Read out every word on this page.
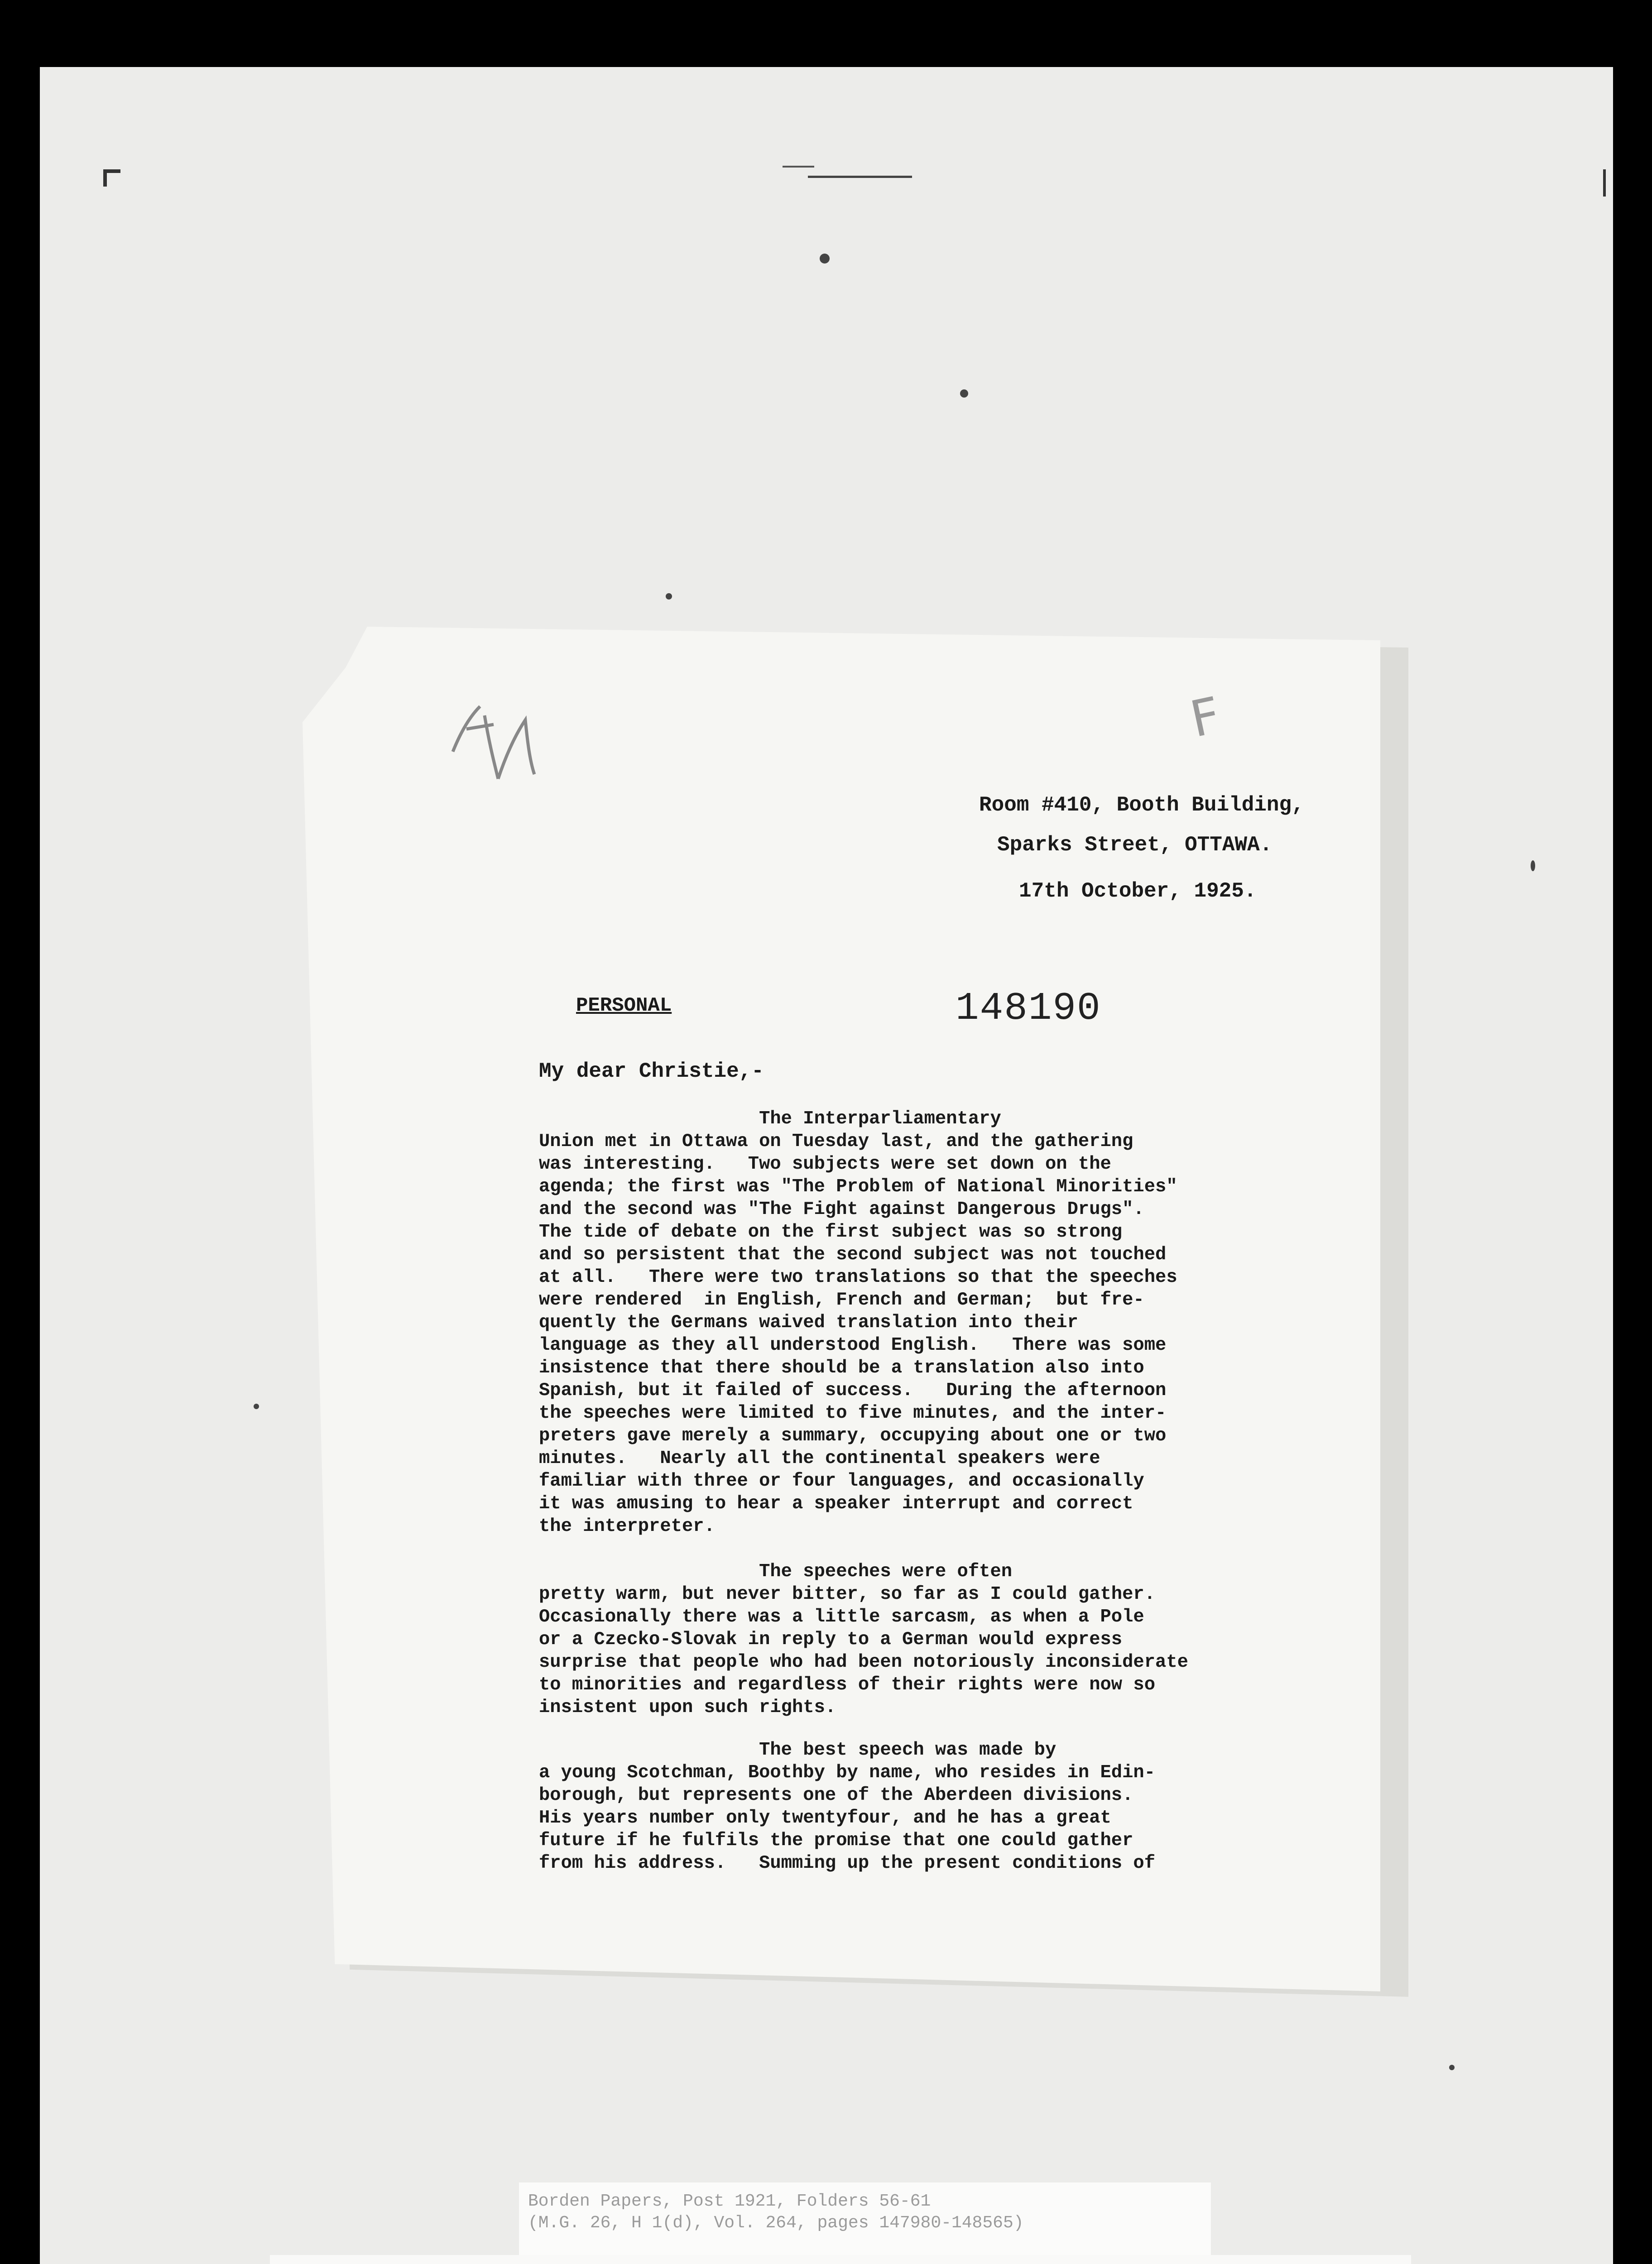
F
Room #410, Booth Building,
Sparks Street, OTTAWA.
17th October, 1925.
PERSONAL	148190
My dear Christie,-
The Interparliamentary
Union met in Ottawa on Tuesday last, and the gathering
was interesting.   Two subjects were set down on the
agenda; the first was "The Problem of National Minorities"
and the second was "The Fight against Dangerous Drugs".
The tide of debate on the first subject was so strong
and so persistent that the second subject was not touched
at all.   There were two translations so that the speeches
were rendered  in English, French and German;  but fre-
quently the Germans waived translation into their
language as they all understood English.   There was some
insistence that there should be a translation also into
Spanish, but it failed of success.   During the afternoon
the speeches were limited to five minutes, and the inter-
preters gave merely a summary, occupying about one or two
minutes.   Nearly all the continental speakers were
familiar with three or four languages, and occasionally
it was amusing to hear a speaker interrupt and correct
the interpreter.
The speeches were often
pretty warm, but never bitter, so far as I could gather.
Occasionally there was a little sarcasm, as when a Pole
or a Czecko-Slovak in reply to a German would express
surprise that people who had been notoriously inconsiderate
to minorities and regardless of their rights were now so
insistent upon such rights.
The best speech was made by
a young Scotchman, Boothby by name, who resides in Edin-
borough, but represents one of the Aberdeen divisions.
His years number only twentyfour, and he has a great
future if he fulfils the promise that one could gather
from his address.   Summing up the present conditions of
Borden Papers, Post 1921, Folders 56-61
(M.G. 26, H 1(d), Vol. 264, pages 147980-148565)
